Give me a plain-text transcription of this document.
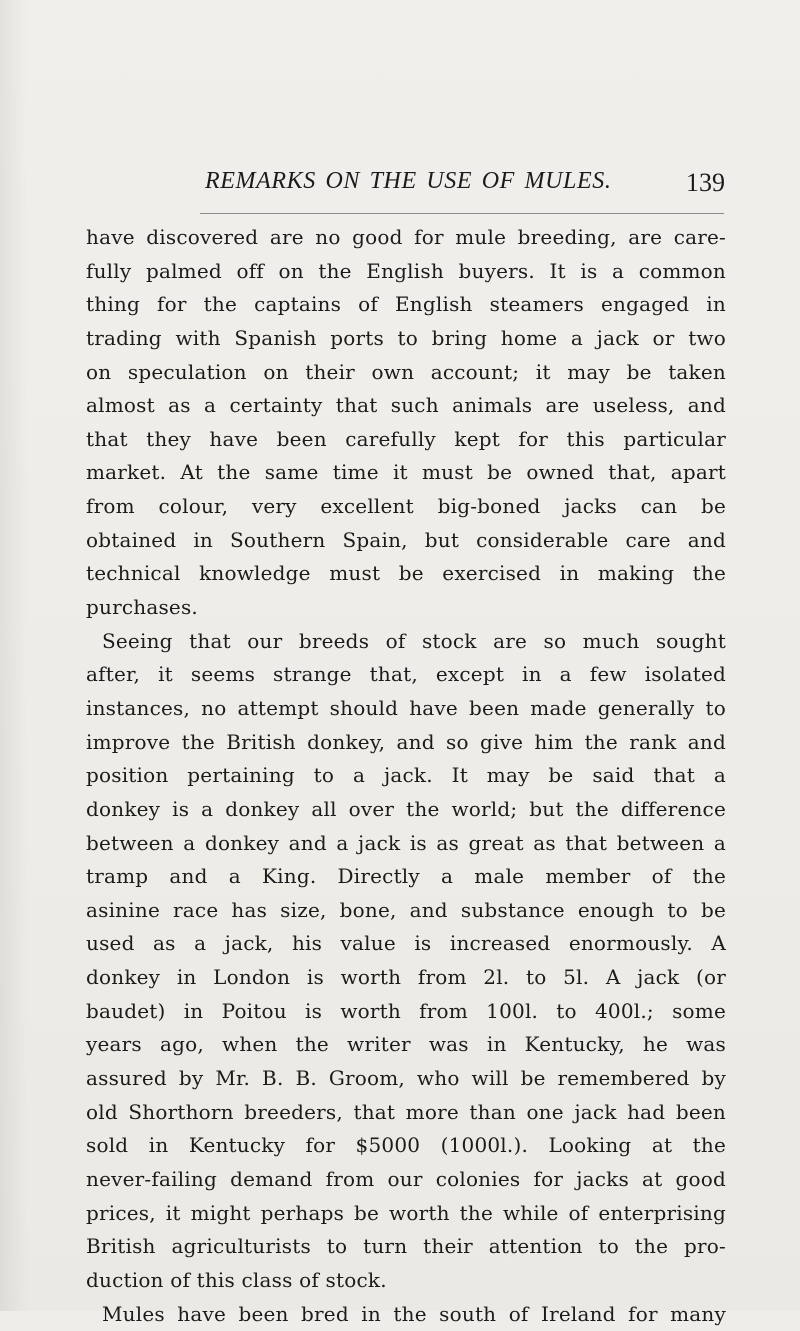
REMARKS ON THE USE OF MULES.	139
have discovered are no good for mule breeding, are care-
fully palmed off on the English buyers. It is a common
thing for the captains of English steamers engaged in
trading with Spanish ports to bring home a jack or two
on speculation on their own account; it may be taken
almost as a certainty that such animals are useless, and
that they have been carefully kept for this particular
market. At the same time it must be owned that, apart
from colour, very excellent big-boned jacks can be
obtained in Southern Spain, but considerable care and
technical knowledge must be exercised in making the
purchases.
Seeing that our breeds of stock are so much sought
after, it seems strange that, except in a few isolated
instances, no attempt should have been made generally to
improve the British donkey, and so give him the rank and
position pertaining to a jack. It may be said that a
donkey is a donkey all over the world; but the difference
between a donkey and a jack is as great as that between a
tramp and a King. Directly a male member of the
asinine race has size, bone, and substance enough to be
used as a jack, his value is increased enormously. A
donkey in London is worth from 2l. to 5l. A jack (or
baudet) in Poitou is worth from 100l. to 400l.; some
years ago, when the writer was in Kentucky, he was
assured by Mr. B. B. Groom, who will be remembered by
old Shorthorn breeders, that more than one jack had been
sold in Kentucky for $5000 (1000l.). Looking at the
never-failing demand from our colonies for jacks at good
prices, it might perhaps be worth the while of enterprising
British agriculturists to turn their attention to the pro-
duction of this class of stock.
Mules have been bred in the south of Ireland for many
